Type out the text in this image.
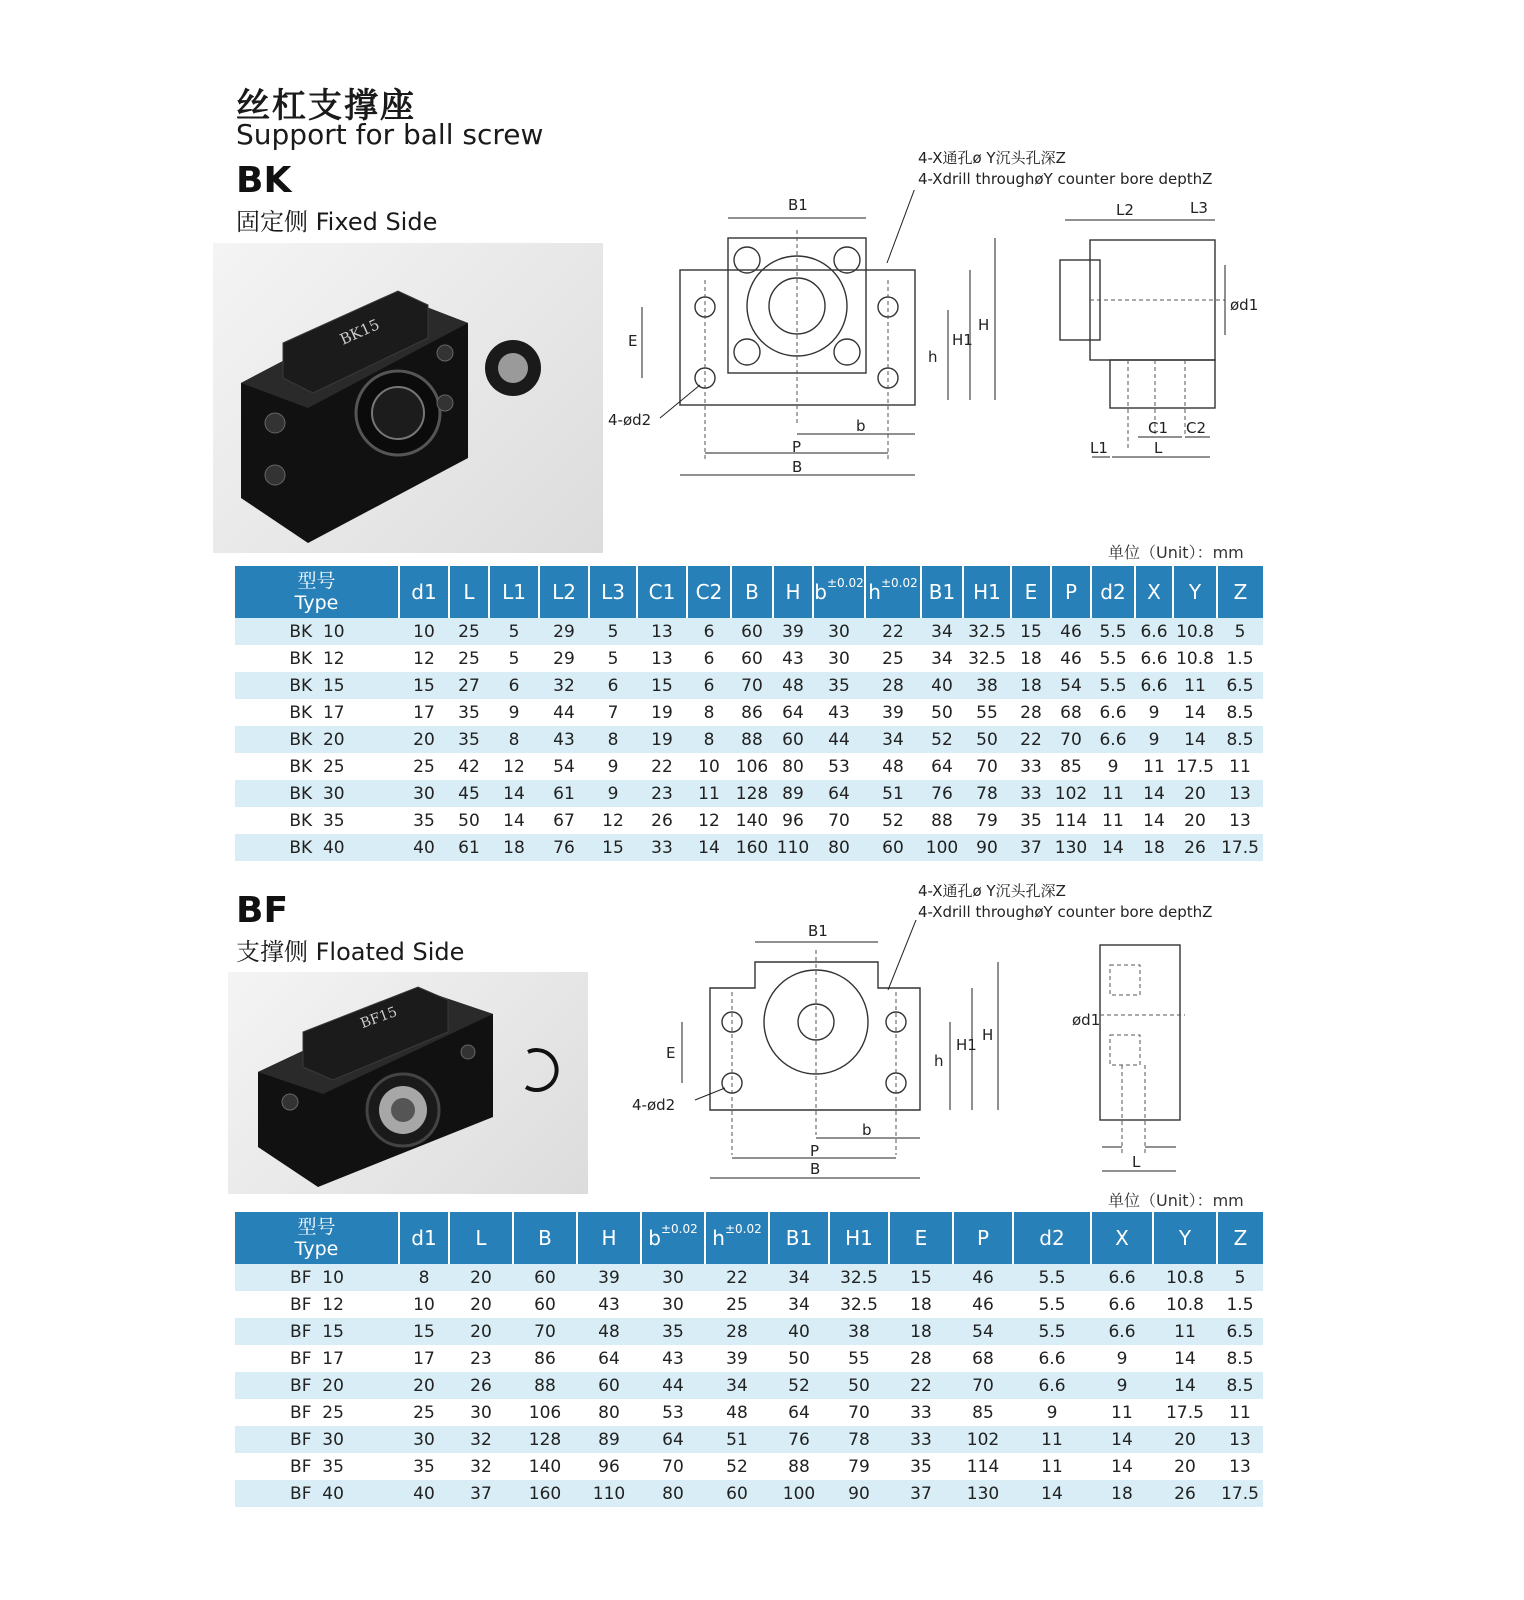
丝杠支撑座
Support for ball screw
BK
固定侧 Fixed Side
BK15
4-X通孔ø Y沉头孔深Z
4-Xdrill throughøY counter bore depthZ
B1
E
h
H1
H
4-ød2	b
P
B
L2	L3
ød1
C1 C2
L1	L
单位（Unit）：mm
型号
Type	d1	L	L1	L2	L3	C1	C2	B	H	$b^{\pm 0.02}$	$h^{\pm 0.02}$	B1	H1	E	P	d2	X	Y	Z
BK  10	10	25	5	29	5	13	6	60	39	30	22	34	32.5	15	46	5.5	6.6	10.8	5
BK  12	12	25	5	29	5	13	6	60	43	30	25	34	32.5	18	46	5.5	6.6	10.8	1.5
BK  15	15	27	6	32	6	15	6	70	48	35	28	40	38	18	54	5.5	6.6	11	6.5
BK  17	17	35	9	44	7	19	8	86	64	43	39	50	55	28	68	6.6	9	14	8.5
BK  20	20	35	8	43	8	19	8	88	60	44	34	52	50	22	70	6.6	9	14	8.5
BK  25	25	42	12	54	9	22	10	106	80	53	48	64	70	33	85	9	11	17.5	11
BK  30	30	45	14	61	9	23	11	128	89	64	51	76	78	33	102	11	14	20	13
BK  35	35	50	14	67	12	26	12	140	96	70	52	88	79	35	114	11	14	20	13
BK  40	40	61	18	76	15	33	14	160	110	80	60	100	90	37	130	14	18	26	17.5
BF
支撑侧 Floated Side
BF15
4-X通孔ø Y沉头孔深Z
4-Xdrill throughøY counter bore depthZ
B1
E	h
H1
H
4-ød2
b
P
B
ød1
L
单位（Unit）：mm
型号
Type	d1	L	B	H	$b^{\pm 0.02}$	$h^{\pm 0.02}$	B1	H1	E	P	d2	X	Y	Z
BF  10	8	20	60	39	30	22	34	32.5	15	46	5.5	6.6	10.8	5
BF  12	10	20	60	43	30	25	34	32.5	18	46	5.5	6.6	10.8	1.5
BF  15	15	20	70	48	35	28	40	38	18	54	5.5	6.6	11	6.5
BF  17	17	23	86	64	43	39	50	55	28	68	6.6	9	14	8.5
BF  20	20	26	88	60	44	34	52	50	22	70	6.6	9	14	8.5
BF  25	25	30	106	80	53	48	64	70	33	85	9	11	17.5	11
BF  30	30	32	128	89	64	51	76	78	33	102	11	14	20	13
BF  35	35	32	140	96	70	52	88	79	35	114	11	14	20	13
BF  40	40	37	160	110	80	60	100	90	37	130	14	18	26	17.5
